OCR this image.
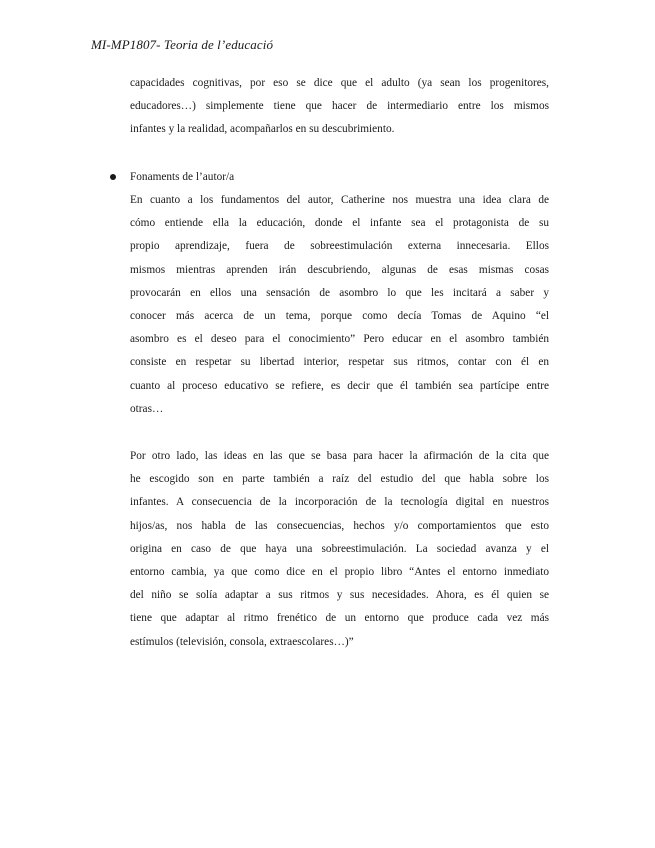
MI-MP1807- Teoria de l’educació
capacidades cognitivas, por eso se dice que el adulto (ya sean los progenitores,
educadores…) simplemente tiene que hacer de intermediario entre los mismos
infantes y la realidad, acompañarlos en su descubrimiento.
Fonaments de l’autor/a
En cuanto a los fundamentos del autor, Catherine nos muestra una idea clara de
cómo entiende ella la educación, donde el infante sea el protagonista de su
propio aprendizaje, fuera de sobreestimulación externa innecesaria. Ellos
mismos mientras aprenden irán descubriendo, algunas de esas mismas cosas
provocarán en ellos una sensación de asombro lo que les incitará a saber y
conocer más acerca de un tema, porque como decía Tomas de Aquino “el
asombro es el deseo para el conocimiento” Pero educar en el asombro también
consiste en respetar su libertad interior, respetar sus ritmos, contar con él en
cuanto al proceso educativo se refiere, es decir que él también sea partícipe entre
otras…
Por otro lado, las ideas en las que se basa para hacer la afirmación de la cita que
he escogido son en parte también a raíz del estudio del que habla sobre los
infantes. A consecuencia de la incorporación de la tecnología digital en nuestros
hijos/as, nos habla de las consecuencias, hechos y/o comportamientos que esto
origina en caso de que haya una sobreestimulación. La sociedad avanza y el
entorno cambia, ya que como dice en el propio libro “Antes el entorno inmediato
del niño se solía adaptar a sus ritmos y sus necesidades. Ahora, es él quien se
tiene que adaptar al ritmo frenético de un entorno que produce cada vez más
estímulos (televisión, consola, extraescolares…)”
